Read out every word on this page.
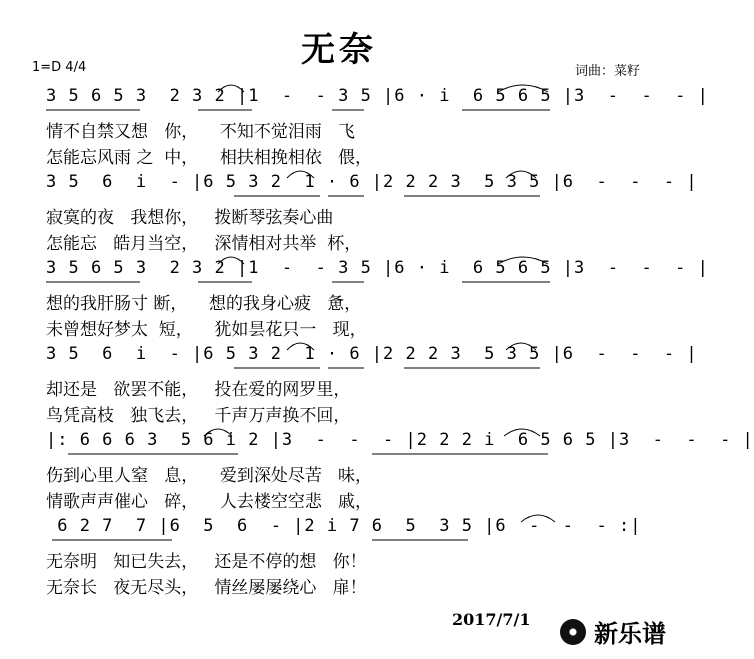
无奈
1=D 4/4	词曲：菜籽
3 5 6 5 3  2 3 2 |1  -  - 3 5 |6 · i  6 5 6 5 |3  -  -  - |
情不自禁又想   你，    不知不觉泪雨   飞
怎能忘风雨 之  中，    相扶相挽相依   偎，
3 5  6  i  - |6 5 3 2  1 · 6 |2 2 2 3  5 3 5 |6  -  -  - |
寂寞的夜   我想你，   拨断琴弦奏心曲
怎能忘   皓月当空，   深情相对共举  杯，
3 5 6 5 3  2 3 2 |1  -  - 3 5 |6 · i  6 5 6 5 |3  -  -  - |
想的我肝肠寸 断，    想的我身心疲   惫，
未曾想好梦太  短，    犹如昙花只一   现，
3 5  6  i  - |6 5 3 2  1 · 6 |2 2 2 3  5 3 5 |6  -  -  - |
却还是   欲罢不能，   投在爱的网罗里，
鸟凭高枝   独飞去，   千声万声换不回，
|: 6 6 6 3  5 6 i 2 |3  -  -  - |2 2 2 i  6 5 6 5 |3  -  -  - |
伤到心里人窒   息，    爱到深处尽苦   味，
情歌声声催心   碎，    人去楼空空悲   戚，
6 2 7  7 |6  5  6  - |2 i 7 6  5  3 5 |6  -  -  - :|
无奈明   知已失去，   还是不停的想   你！
无奈长   夜无尽头，   情丝屡屡绕心   扉！
2017/7/1
新乐谱
